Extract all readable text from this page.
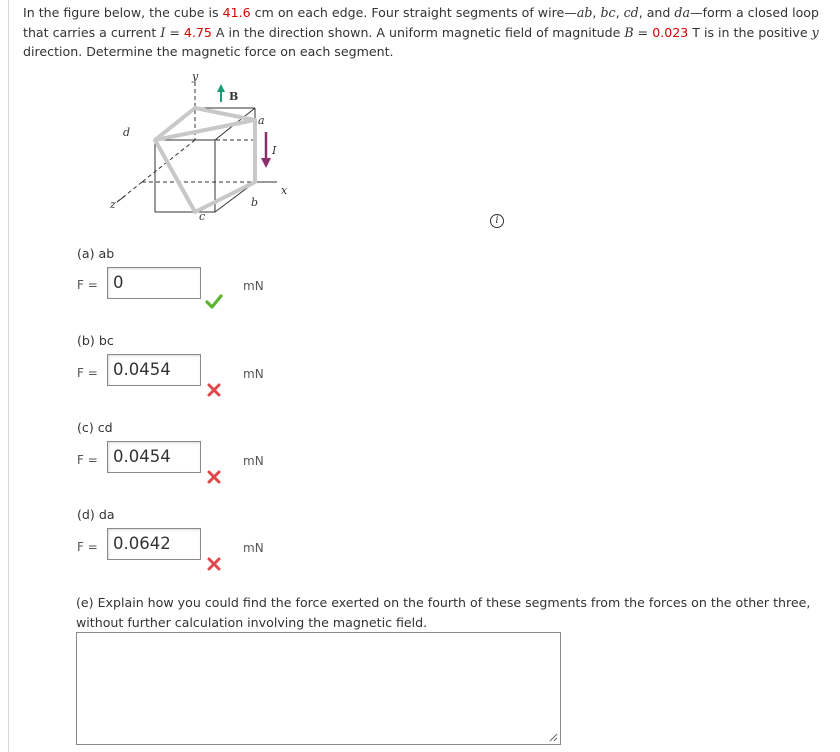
In the figure below, the cube is 41.6 cm on each edge. Four straight segments of wire—ab, bc, cd, and da—form a closed loop that carries a current I = 4.75 A in the direction shown. A uniform magnetic field of magnitude B = 0.023 T is in the positive y direction. Determine the magnetic force on each segment.
y
B
a
I
d
x
z
c
b
i
(a) ab
F = 0	mN
(b) bc
F = 0.0454	mN
(c) cd
F = 0.0454	mN
(d) da
F = 0.0642	mN
(e) Explain how you could find the force exerted on the fourth of these segments from the forces on the other three, without further calculation involving the magnetic field.
